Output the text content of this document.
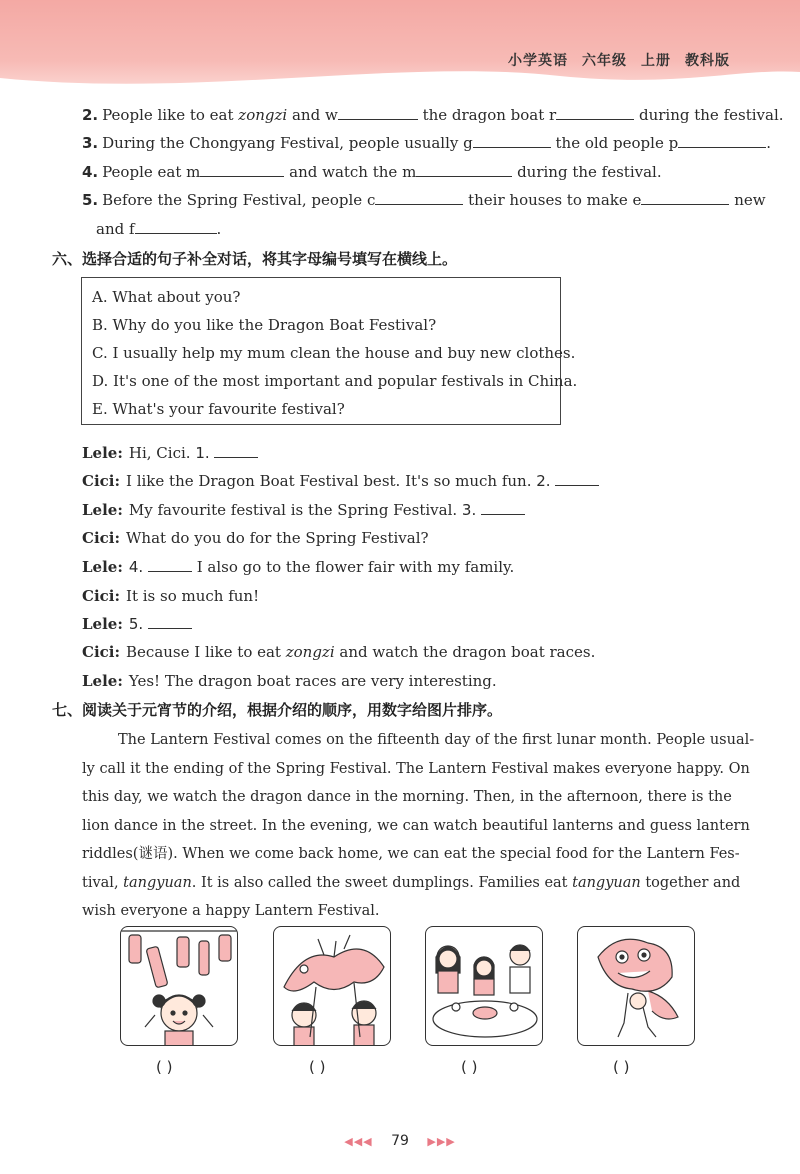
小学英语 六年级 上册 教科版
2. People like to eat zongzi and w	the dragon boat r	during the festival.
3. During the Chongyang Festival, people usually g	the old people p	.
4. People eat m	and watch the m	during the festival.
5. Before the Spring Festival, people c	their houses to make e	new
and f	.
六、选择合适的句子补全对话，将其字母编号填写在横线上。
A. What about you?
B. Why do you like the Dragon Boat Festival?
C. I usually help my mum clean the house and buy new clothes.
D. It's one of the most important and popular festivals in China.
E. What's your favourite festival?
Lele: Hi, Cici. 1.
Cici: I like the Dragon Boat Festival best. It's so much fun. 2.
Lele: My favourite festival is the Spring Festival. 3.
Cici: What do you do for the Spring Festival?
Lele: 4.	I also go to the flower fair with my family.
Cici: It is so much fun!
Lele: 5.
Cici: Because I like to eat zongzi and watch the dragon boat races.
Lele: Yes! The dragon boat races are very interesting.
七、阅读关于元宵节的介绍，根据介绍的顺序，用数字给图片排序。
The Lantern Festival comes on the fifteenth day of the first lunar month. People usual-
ly call it the ending of the Spring Festival. The Lantern Festival makes everyone happy. On
this day, we watch the dragon dance in the morning. Then, in the afternoon, there is the
lion dance in the street. In the evening, we can watch beautiful lanterns and guess lantern
riddles(谜语). When we come back home, we can eat the special food for the Lantern Fes-
tival, tangyuan. It is also called the sweet dumplings. Families eat tangyuan together and
wish everyone a happy Lantern Festival.
( )	( )	( )	( )
◀◀◀ 79 ▶▶▶
